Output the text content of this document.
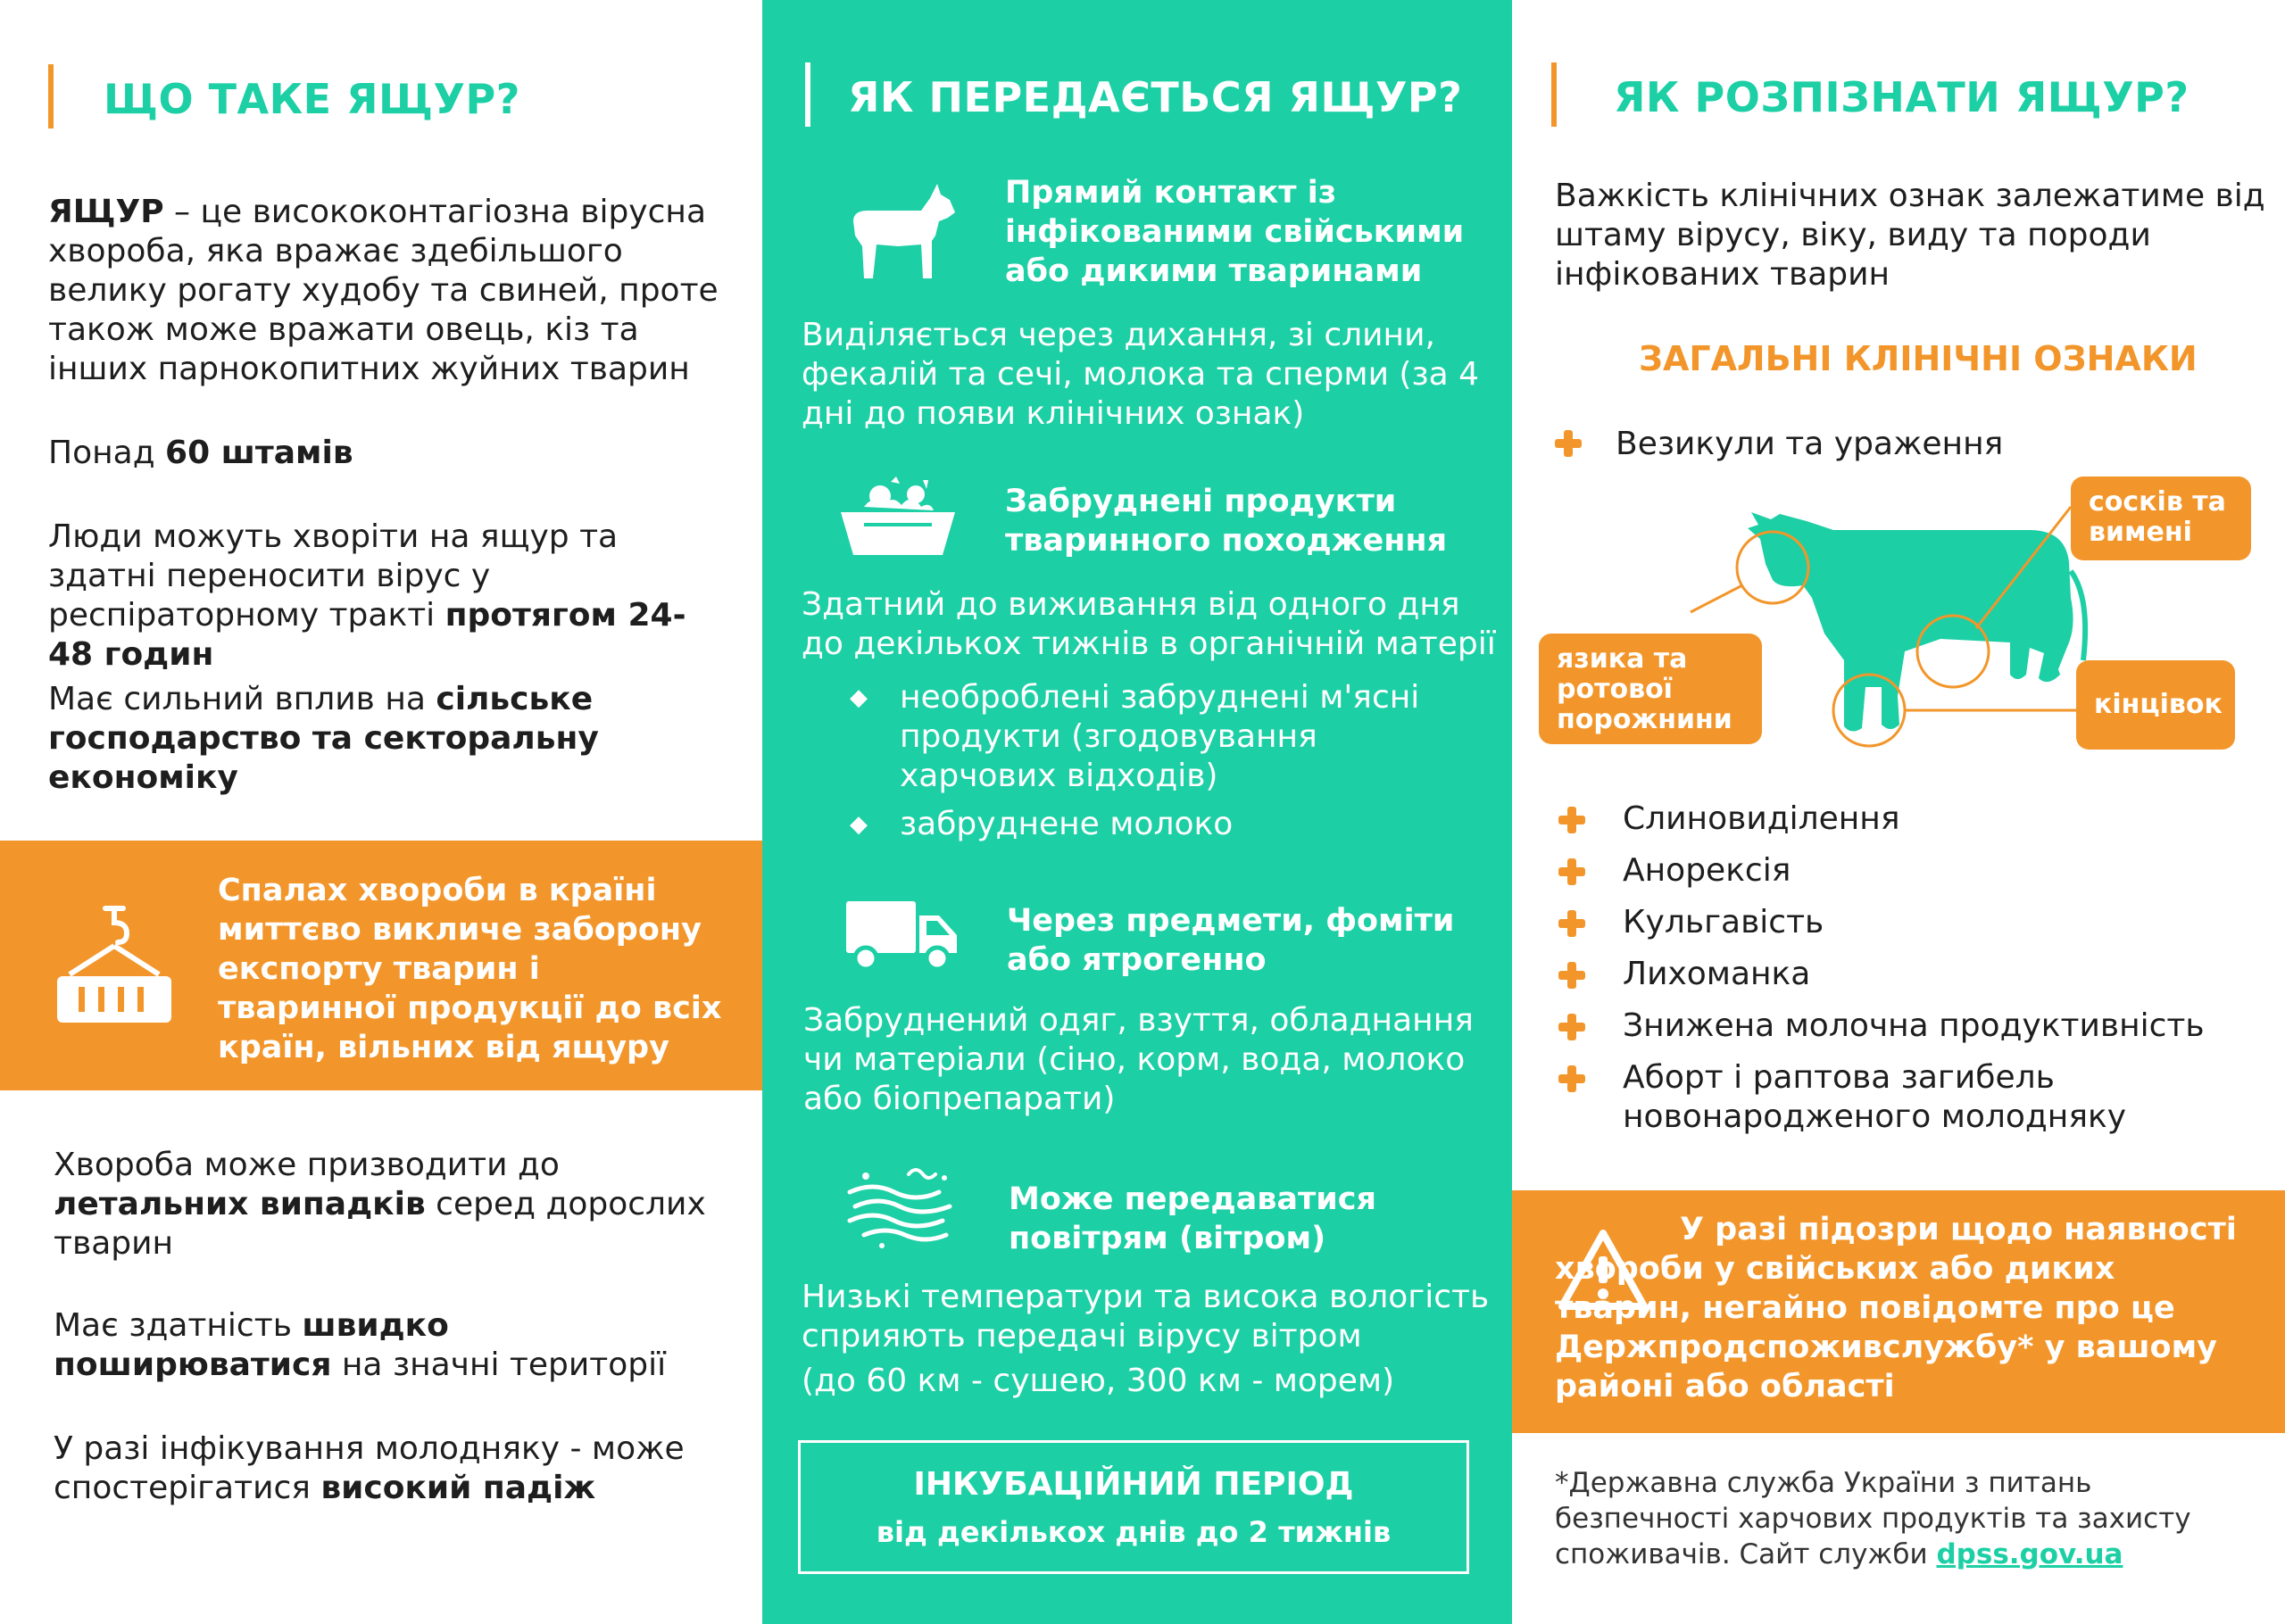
ЩО ТАКЕ ЯЩУР?
ЯЩУР – це висококонтагіозна вірусна хвороба, яка вражає здебільшого велику рогату худобу та свиней, проте також може вражати овець, кіз та інших парнокопитних жуйних тварин
Понад 60 штамів
Люди можуть хворіти на ящур та здатні переносити вірус у респіраторному тракті протягом 24-48 годин
Має сильний вплив на сільське господарство та секторальну економіку
Спалах хвороби в країні миттєво викличе заборону експорту тварин і тваринної продукції до всіх країн, вільних від ящуру
Хвороба може призводити до летальних випадків серед дорослих тварин
Має здатність швидко поширюватися на значні території
У разі інфікування молодняку - може спостерігатися високий падіж
ЯК ПЕРЕДАЄТЬСЯ ЯЩУР?
Прямий контакт із інфікованими свійськими або дикими тваринами
Виділяється через дихання, зі слини, фекалій та сечі, молока та сперми (за 4 дні до появи клінічних ознак)
Забруднені продукти тваринного походження
Здатний до виживання від одного дня до декількох тижнів в органічній матерії
◆ необроблені забруднені м'ясні продукти (згодовування харчових відходів)
◆ забруднене молоко
Через предмети, фоміти або ятрогенно
Забруднений одяг, взуття, обладнання чи матеріали (сіно, корм, вода, молоко або біопрепарати)
Може передаватися повітрям (вітром)
Низькі температури та висока вологість сприяють передачі вірусу вітром
(до 60 км - сушею, 300 км - морем)
ІНКУБАЦІЙНИЙ ПЕРІОД
від декількох днів до 2 тижнів
ЯК РОЗПІЗНАТИ ЯЩУР?
Важкість клінічних ознак залежатиме від штаму вірусу, віку, виду та породи інфікованих тварин
ЗАГАЛЬНІ КЛІНІЧНІ ОЗНАКИ
Везикули та ураження
сосків та вимені
язика та ротової порожнини	кінцівок
Слиновиділення
Анорексія
Кульгавість
Лихоманка
Знижена молочна продуктивність
Аборт і раптова загибель новонародженого молодняку
У разі підозри щодо наявності хвороби у свійських або диких тварин, негайно повідомте про це Держпродспоживслужбу* у вашому районі або області
*Державна служба України з питань безпечності харчових продуктів та захисту споживачів. Сайт служби dpss.gov.ua
